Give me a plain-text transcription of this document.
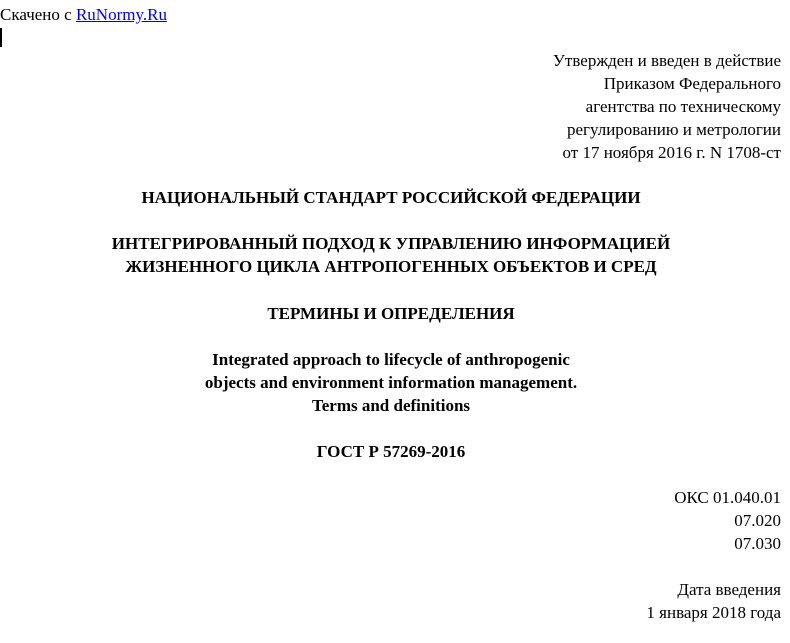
Скачено с RuNormy.Ru
Утвержден и введен в действие
Приказом Федерального
агентства по техническому
регулированию и метрологии
от 17 ноября 2016 г. N 1708-ст
НАЦИОНАЛЬНЫЙ СТАНДАРТ РОССИЙСКОЙ ФЕДЕРАЦИИ
ИНТЕГРИРОВАННЫЙ ПОДХОД К УПРАВЛЕНИЮ ИНФОРМАЦИЕЙ
ЖИЗНЕННОГО ЦИКЛА АНТРОПОГЕННЫХ ОБЪЕКТОВ И СРЕД
ТЕРМИНЫ И ОПРЕДЕЛЕНИЯ
Integrated approach to lifecycle of anthropogenic
objects and environment information management.
Terms and definitions
ГОСТ Р 57269-2016
ОКС 01.040.01
07.020
07.030
Дата введения
1 января 2018 года
